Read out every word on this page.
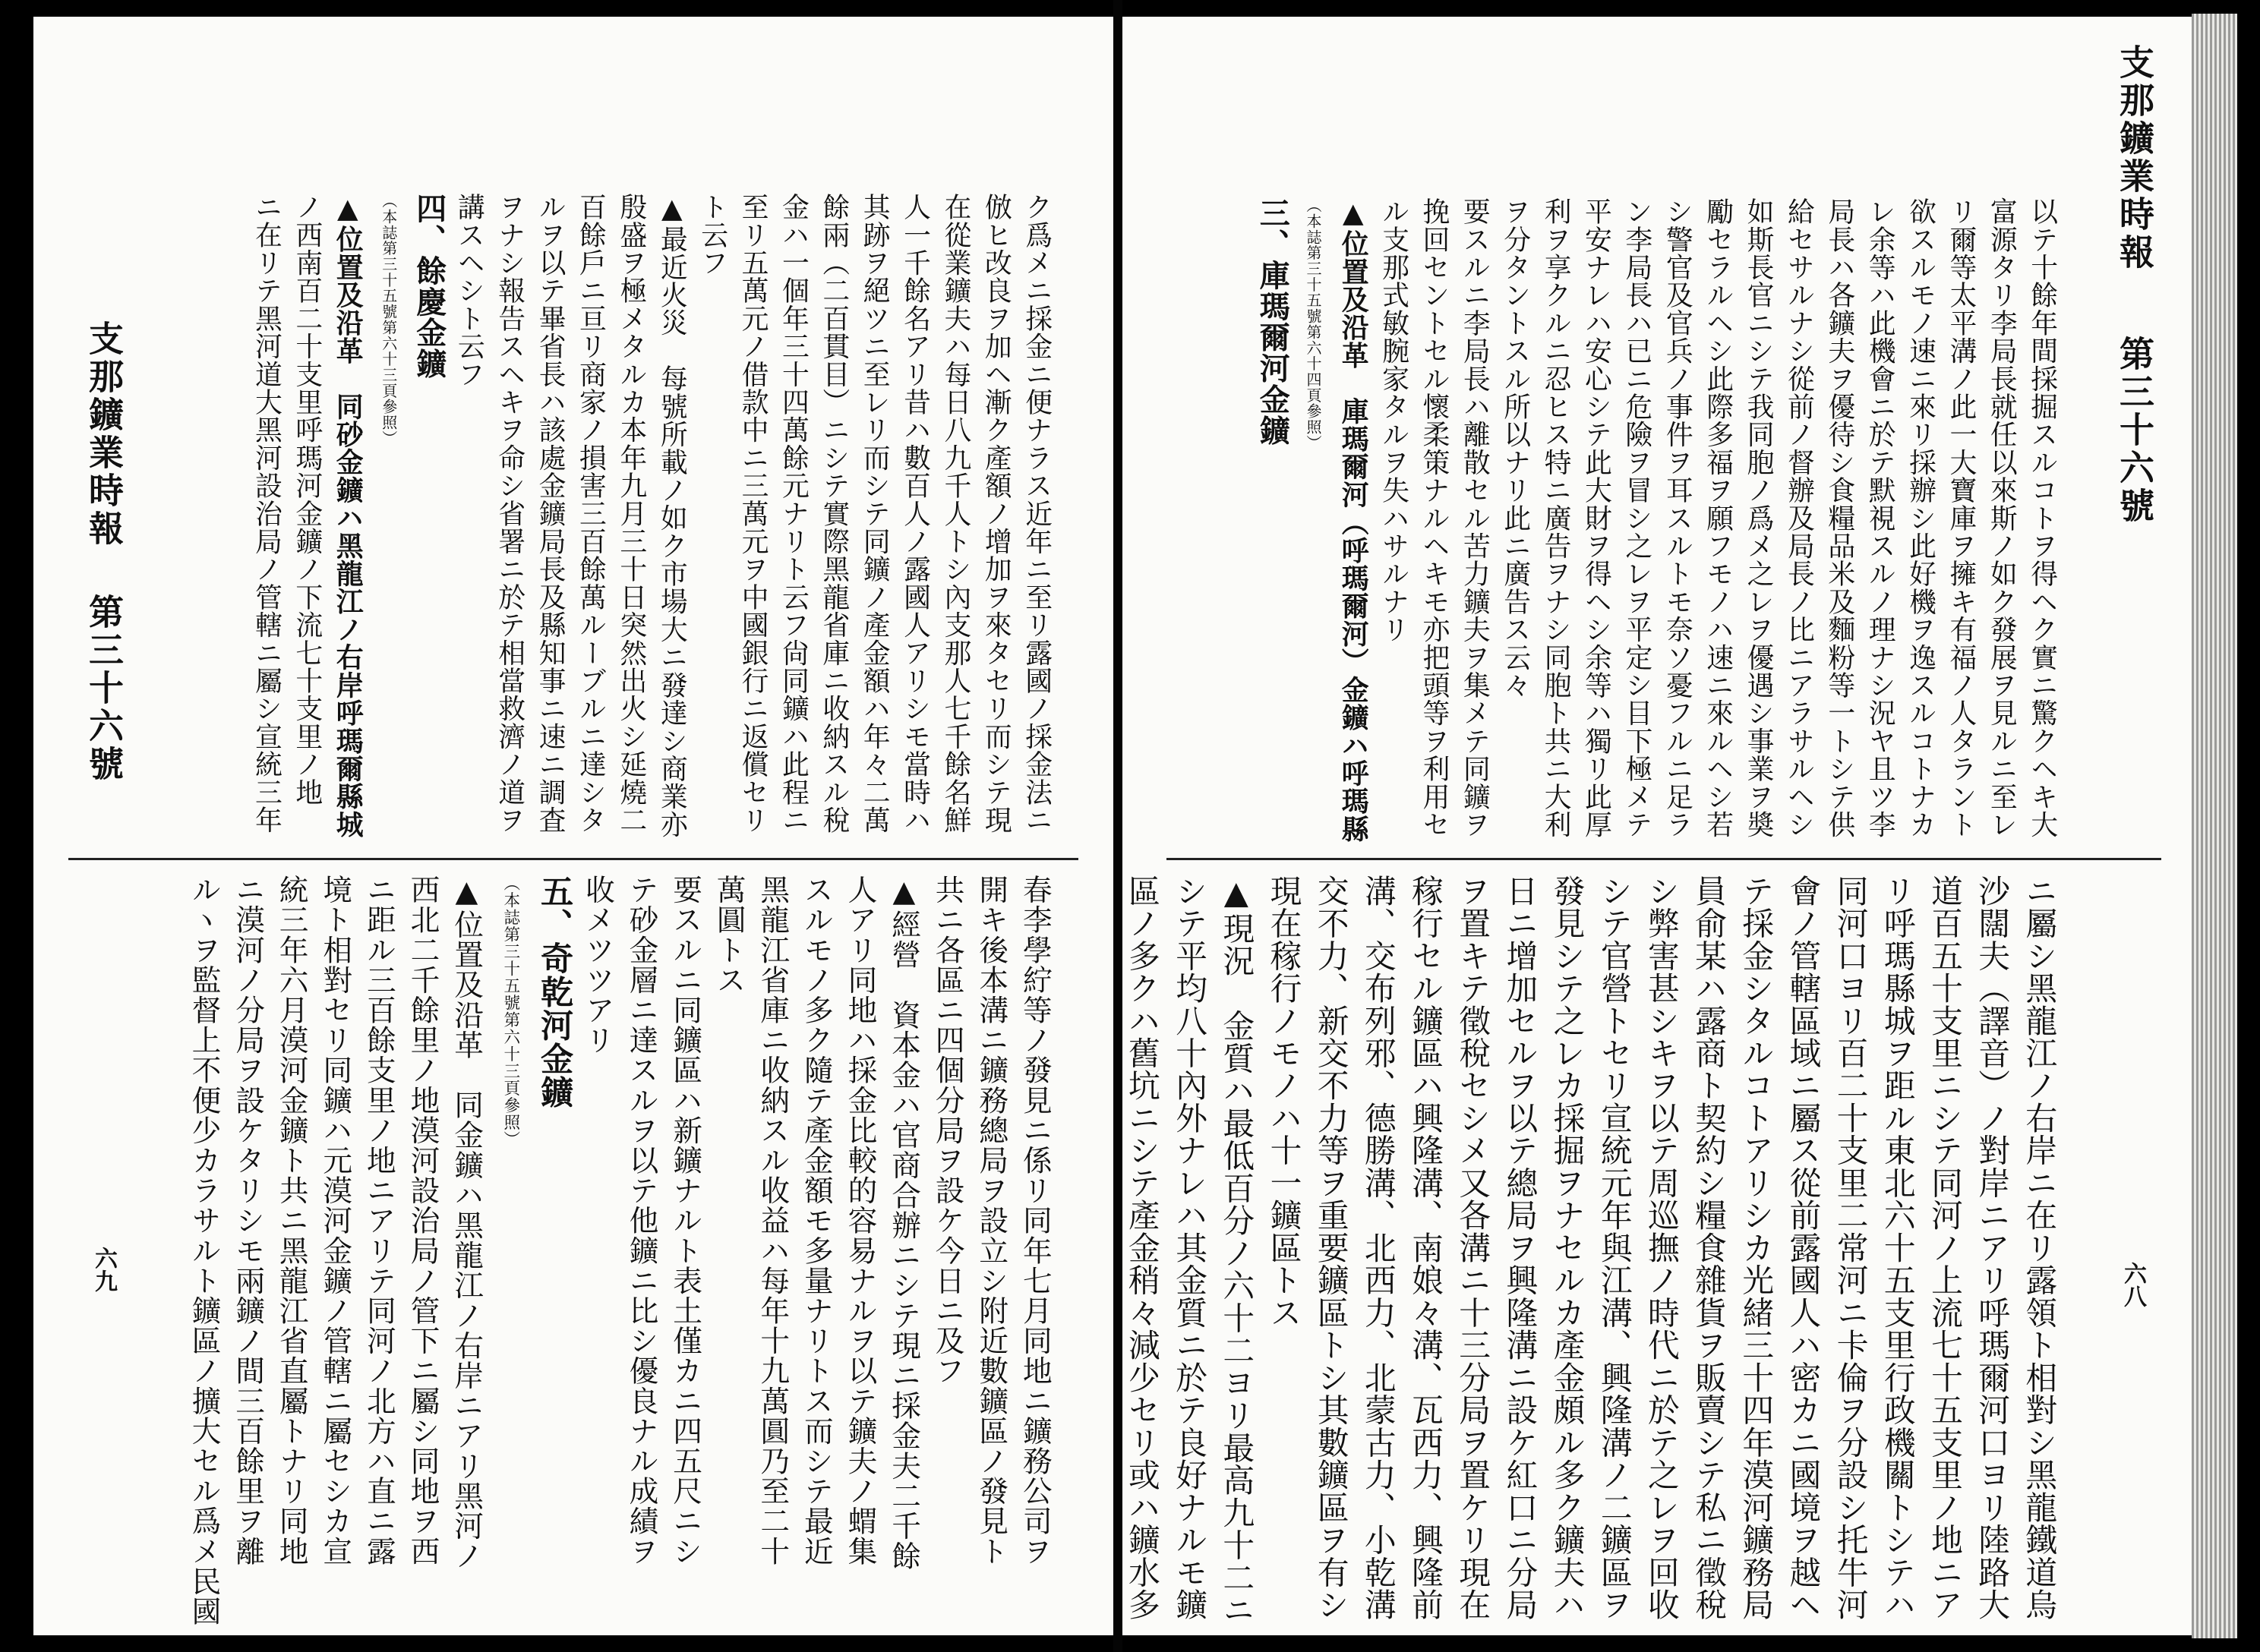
支那鑛業時報
第三十六號
以テ十餘年間採掘スルコトヲ得ヘク實ニ驚クヘキ大
富源タリ李局長就任以來斯ノ如ク發展ヲ見ルニ至レ
リ爾等太平溝ノ此一大寶庫ヲ擁キ有福ノ人タラント
欲スルモノ速ニ來リ採辦シ此好機ヲ逸スルコトナカ
レ余等ハ此機會ニ於テ默視スルノ理ナシ況ヤ且ツ李
局長ハ各鑛夫ヲ優待シ食糧品米及麵粉等一トシテ供
給セサルナシ從前ノ督辦及局長ノ比ニアラサルヘシ
如斯長官ニシテ我同胞ノ爲メ之レヲ優遇シ事業ヲ奬
勵セラルヘシ此際多福ヲ願フモノハ速ニ來ルヘシ若
シ警官及官兵ノ事件ヲ耳スルトモ奈ソ憂フルニ足ラ
ン李局長ハ已ニ危險ヲ冒シ之レヲ平定シ目下極メテ
平安ナレハ安心シテ此大財ヲ得ヘシ余等ハ獨リ此厚
利ヲ享クルニ忍ヒス特ニ廣告ヲナシ同胞ト共ニ大利
ヲ分タントスル所以ナリ此ニ廣告ス云々
要スルニ李局長ハ離散セル苦力鑛夫ヲ集メテ同鑛ヲ
挽回セントセル懷柔策ナルヘキモ亦把頭等ヲ利用セ
ル支那式敏腕家タルヲ失ハサルナリ
▲位置及沿革　庫瑪爾河（呼瑪爾河）金鑛ハ呼瑪縣
（本誌第三十五號第六十四頁參照）
三、庫瑪爾河金鑛
ニ屬シ黑龍江ノ右岸ニ在リ露領ト相對シ黑龍鐵道烏
沙闊夫（譯音）ノ對岸ニアリ呼瑪爾河口ヨリ陸路大
道百五十支里ニシテ同河ノ上流七十五支里ノ地ニア
リ呼瑪縣城ヲ距ル東北六十五支里行政機關トシテハ
同河口ヨリ百二十支里二常河ニ卡倫ヲ分設シ托牛河
會ノ管轄區域ニ屬ス從前露國人ハ密カニ國境ヲ越ヘ
テ採金シタルコトアリシカ光緒三十四年漠河鑛務局
員俞某ハ露商ト契約シ糧食雜貨ヲ販賣シテ私ニ徵稅
シ弊害甚シキヲ以テ周巡撫ノ時代ニ於テ之レヲ回收
シテ官營トセリ宣統元年與江溝、興隆溝ノ二鑛區ヲ
發見シテ之レカ採掘ヲナセルカ產金頗ル多ク鑛夫ハ
日ニ增加セルヲ以テ總局ヲ興隆溝ニ設ケ紅口ニ分局
ヲ置キテ徵稅セシメ又各溝ニ十三分局ヲ置ケリ現在
稼行セル鑛區ハ興隆溝、南娘々溝、瓦西力、興隆前
溝、交布列邪、德勝溝、北西力、北蒙古力、小乾溝
交不力、新交不力等ヲ重要鑛區トシ其數鑛區ヲ有シ
現在稼行ノモノハ十一鑛區トス
▲現況　金質ハ最低百分ノ六十二ヨリ最高九十二ニ
シテ平均八十內外ナレハ其金質ニ於テ良好ナルモ鑛
區ノ多クハ舊坑ニシテ產金稍々減少セリ或ハ鑛水多	六八
ク爲メニ採金ニ便ナラス近年ニ至リ露國ノ採金法ニ
倣ヒ改良ヲ加ヘ漸ク產額ノ增加ヲ來タセリ而シテ現
在從業鑛夫ハ每日八九千人トシ內支那人七千餘名鮮
人一千餘名アリ昔ハ數百人ノ露國人アリシモ當時ハ
其跡ヲ絕ツニ至レリ而シテ同鑛ノ產金額ハ年々二萬
餘兩（二百貫目）ニシテ實際黑龍省庫ニ收納スル稅
金ハ一個年三十四萬餘元ナリト云フ尙同鑛ハ此程ニ
至リ五萬元ノ借款中ニ三萬元ヲ中國銀行ニ返償セリ
ト云フ
▲最近火災　每號所載ノ如ク市場大ニ發達シ商業亦
殷盛ヲ極メタルカ本年九月三十日突然出火シ延燒二
百餘戶ニ亘リ商家ノ損害三百餘萬ルーブルニ達シタ
ルヲ以テ畢省長ハ該處金鑛局長及縣知事ニ速ニ調査
ヲナシ報告スヘキヲ命シ省署ニ於テ相當救濟ノ道ヲ
講スヘシト云フ
四、餘慶金鑛
（本誌第三十五號第六十三頁參照）
▲位置及沿革　同砂金鑛ハ黑龍江ノ右岸呼瑪爾縣城
ノ西南百二十支里呼瑪河金鑛ノ下流七十支里ノ地
ニ在リテ黑河道大黑河設治局ノ管轄ニ屬シ宣統三年
春李學紵等ノ發見ニ係リ同年七月同地ニ鑛務公司ヲ
開キ後本溝ニ鑛務總局ヲ設立シ附近數鑛區ノ發見ト
共ニ各區ニ四個分局ヲ設ケ今日ニ及フ
▲經營　資本金ハ官商合辦ニシテ現ニ採金夫二千餘
人アリ同地ハ採金比較的容易ナルヲ以テ鑛夫ノ蝟集
スルモノ多ク隨テ產金額モ多量ナリトス而シテ最近
黑龍江省庫ニ收納スル收益ハ每年十九萬圓乃至二十
萬圓トス
要スルニ同鑛區ハ新鑛ナルト表土僅カニ四五尺ニシ
テ砂金層ニ達スルヲ以テ他鑛ニ比シ優良ナル成績ヲ
收メツツアリ
五、奇乾河金鑛
（本誌第三十五號第六十三頁參照）
▲位置及沿革　同金鑛ハ黑龍江ノ右岸ニアリ黑河ノ
西北二千餘里ノ地漠河設治局ノ管下ニ屬シ同地ヲ西
ニ距ル三百餘支里ノ地ニアリテ同河ノ北方ハ直ニ露
境ト相對セリ同鑛ハ元漠河金鑛ノ管轄ニ屬セシカ宣
統三年六月漠河金鑛ト共ニ黑龍江省直屬トナリ同地
ニ漠河ノ分局ヲ設ケタリシモ兩鑛ノ間三百餘里ヲ離
ルヽヲ監督上不便少カラサルト鑛區ノ擴大セル爲メ民國
支那鑛業時報
第三十六號
六九
